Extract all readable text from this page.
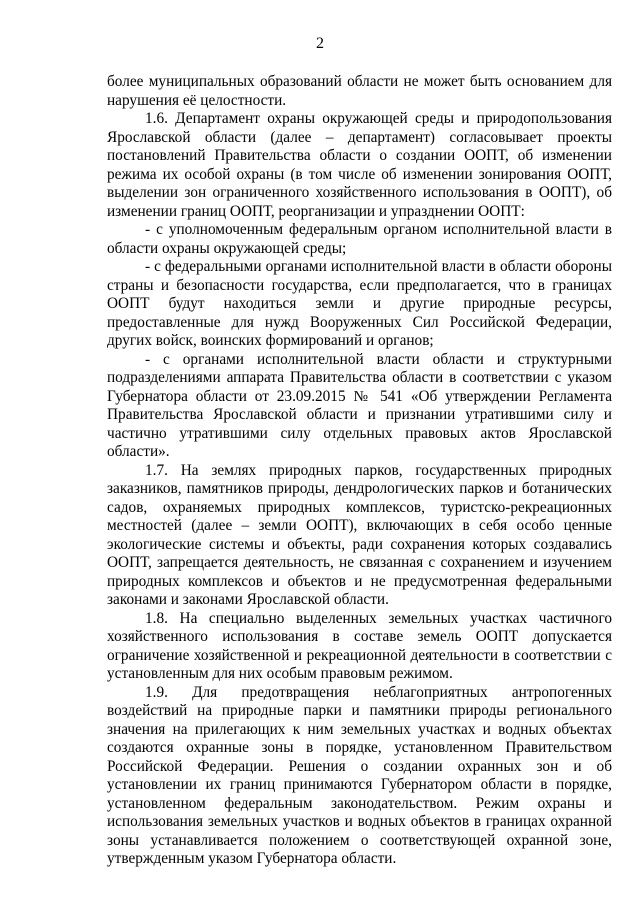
2

более муниципальных образований области не может быть основанием для нарушения её целостности.

1.6. Департамент охраны окружающей среды и природопользования Ярославской области (далее – департамент) согласовывает проекты постановлений Правительства области о создании ООПТ, об изменении режима их особой охраны (в том числе об изменении зонирования ООПТ, выделении зон ограниченного хозяйственного использования в ООПТ), об изменении границ ООПТ, реорганизации и упразднении ООПТ:

- с уполномоченным федеральным органом исполнительной власти в области охраны окружающей среды;

- с федеральными органами исполнительной власти в области обороны страны и безопасности государства, если предполагается, что в границах ООПТ будут находиться земли и другие природные ресурсы, предоставленные для нужд Вооруженных Сил Российской Федерации, других войск, воинских формирований и органов;

- с органами исполнительной власти области и структурными подразделениями аппарата Правительства области в соответствии с указом Губернатора области от 23.09.2015 № 541 «Об утверждении Регламента Правительства Ярославской области и признании утратившими силу и частично утратившими силу отдельных правовых актов Ярославской области».

1.7. На землях природных парков, государственных природных заказников, памятников природы, дендрологических парков и ботанических садов, охраняемых природных комплексов, туристско-рекреационных местностей (далее – земли ООПТ), включающих в себя особо ценные экологические системы и объекты, ради сохранения которых создавались ООПТ, запрещается деятельность, не связанная с сохранением и изучением природных комплексов и объектов и не предусмотренная федеральными законами и законами Ярославской области.

1.8. На специально выделенных земельных участках частичного хозяйственного использования в составе земель ООПТ допускается ограничение хозяйственной и рекреационной деятельности в соответствии с установленным для них особым правовым режимом.

1.9. Для предотвращения неблагоприятных антропогенных воздействий на природные парки и памятники природы регионального значения на прилегающих к ним земельных участках и водных объектах создаются охранные зоны в порядке, установленном Правительством Российской Федерации. Решения о создании охранных зон и об установлении их границ принимаются Губернатором области в порядке, установленном федеральным законодательством. Режим охраны и использования земельных участков и водных объектов в границах охранной зоны устанавливается положением о соответствующей охранной зоне, утвержденным указом Губернатора области.
